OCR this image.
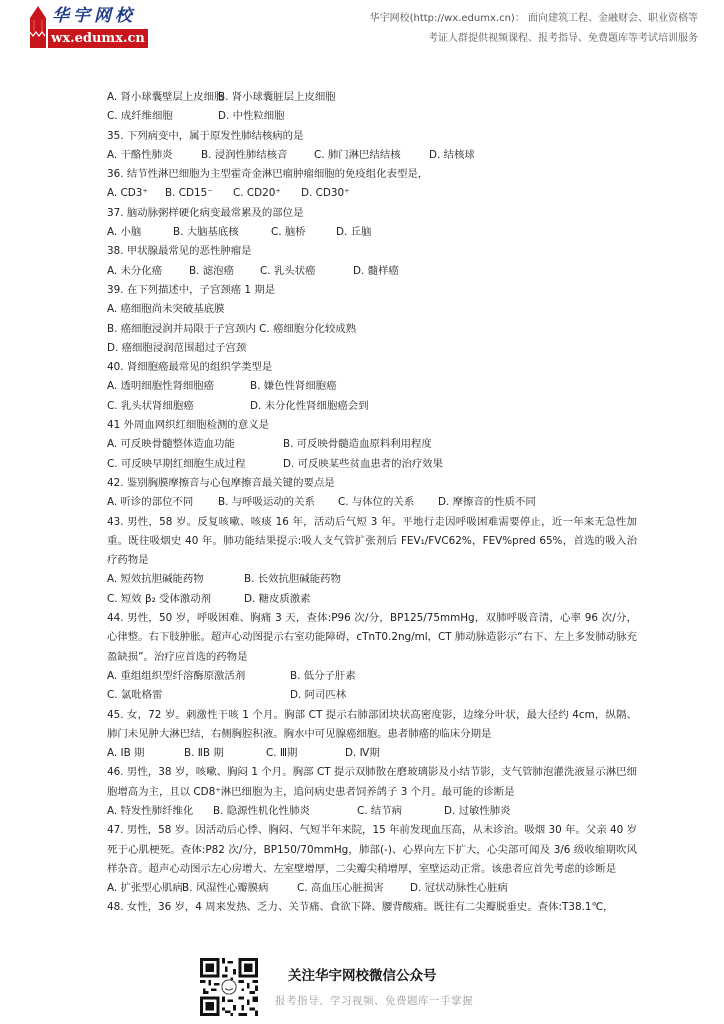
华宇网校
wx.edumx.cn
华宇网校(http://wx.edumx.cn)： 面向建筑工程、金融财会、职业资格等
考证人群提供视频课程、报考指导、免费题库等考试培训服务
A. 肾小球囊壁层上皮细胞
B. 肾小球囊脏层上皮细胞
C. 成纤维细胞	D. 中性粒细胞
35. 下列病变中，属于原发性肺结核病的是
A. 干酪性肺炎	B. 浸润性肺结核音	C. 肺门淋巴结结核	D. 结核球
36. 结节性淋巴细胞为主型霍奇金淋巴瘤肿瘤细胞的免疫组化表型是，
A. CD3⁺	B. CD15⁻	C. CD20⁺	D. CD30⁺
37. 脑动脉粥样硬化病变最常累及的部位是
A. 小脑	B. 大脑基底核	C. 脑桥	D. 丘脑
38. 甲状腺最常见的恶性肿瘤是
A. 未分化癌	B. 滤泡癌	C. 乳头状癌	D. 髓样癌
39. 在下列描述中，子宫颈癌 1 期是
A. 癌细胞尚未突破基底膜
B. 癌细胞浸润并局限于子宫颈内 C. 癌细胞分化较成熟
D. 癌细胞浸润范围超过子宫颈
40. 肾细胞癌最常见的组织学类型是
A. 透明细胞性肾细胞癌	B. 嫌色性肾细胞癌
C. 乳头状肾细胞癌	D. 未分化性肾细胞癌会到
41 外周血网织红细胞检测的意义是
A. 可反映骨髓整体造血功能	B. 可反映骨髓造血原料利用程度
C. 可反映早期红细胞生成过程	D. 可反映某些贫血患者的治疗效果
42. 鉴别胸膜摩擦音与心包摩擦音最关键的要点是
A. 听诊的部位不同	B. 与呼吸运动的关系	C. 与体位的关系	D. 摩擦音的性质不同
43. 男性，58 岁。反复咳嗽、咳痰 16 年，活动后气短 3 年。平地行走因呼吸困难需要停止，近一年来无急性加重。既往吸烟史 40 年。肺功能结果提示:吸人支气管扩张剂后 FEV₁/FVC62%，FEV%pred 65%，首选的吸入治疗药物是
A. 短效抗胆碱能药物	B. 长效抗胆碱能药物
C. 短效 β₂ 受体激动剂	D. 糖皮质激素
44. 男性，50 岁，呼吸困难、胸痛 3 天，查体:P96 次/分，BP125/75mmHg，双肺呼吸音清，心率 96 次/分，心律整。右下肢肿胀。超声心动图提示右室功能障碍，cTnT0.2ng/ml，CT 肺动脉造影示“右下、左上多发肺动脉充盈缺损”。治疗应首选的药物是
A. 重组组织型纤溶酶原激活剂	B. 低分子肝素
C. 氯吡格雷	D. 阿司匹林
45. 女，72 岁。刺激性干咳 1 个月。胸部 CT 提示右肺部团块状高密度影，边缘分叶状，最大径约 4cm，纵隔、肺门未见肿大淋巴结，右侧胸腔积液。胸水中可见腺癌细胞。患者肺癌的临床分期是
A. ⅠB 期	B. ⅡB 期	C. Ⅲ期	D. Ⅳ期
46. 男性，38 岁，咳嗽、胸闷 1 个月。胸部 CT 提示双肺散在磨玻璃影及小结节影，支气管肺泡灌洗液显示淋巴细胞增高为主，且以 CD8⁺淋巴细胞为主，追问病史患者饲养鸽子 3 个月。最可能的诊断是
A. 特发性肺纤维化	B. 隐源性机化性肺炎	C. 结节病	D. 过敏性肺炎
47. 男性，58 岁。因活动后心悸、胸闷、气短半年来院，15 年前发现血压高，从未诊治。吸烟 30 年。父亲 40 岁死于心肌梗死。查体:P82 次/分，BP150/70mmHg，肺部(-)、心界向左下扩大，心尖部可闻及 3/6 级收缩期吹风样杂音。超声心动图示左心房增大、左室壁增厚，二尖瓣尖稍增厚，室壁运动正常。该患者应首先考虑的诊断是
A. 扩张型心肌病 B. 风湿性心瓣膜病	C. 高血压心脏损害	D. 冠状动脉性心脏病
48. 女性，36 岁，4 周来发热、乏力、关节痛、食欲下降、腰背酸痛。既往有二尖瓣脱垂史。查体:T38.1℃，
关注华宇网校微信公众号
报考指导、学习视频、免费题库一手掌握
